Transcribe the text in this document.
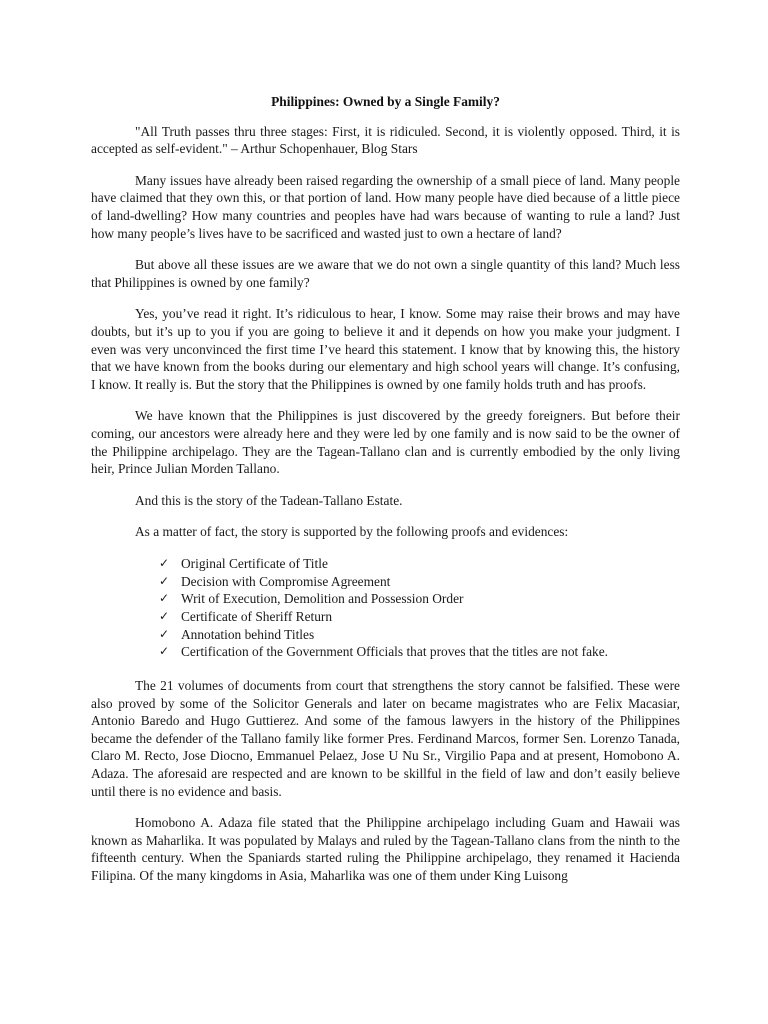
Philippines: Owned by a Single Family?

"All Truth passes thru three stages: First, it is ridiculed. Second, it is violently opposed. Third, it is accepted as self-evident." – Arthur Schopenhauer, Blog Stars

Many issues have already been raised regarding the ownership of a small piece of land. Many people have claimed that they own this, or that portion of land. How many people have died because of a little piece of land-dwelling? How many countries and peoples have had wars because of wanting to rule a land? Just how many people’s lives have to be sacrificed and wasted just to own a hectare of land?

But above all these issues are we aware that we do not own a single quantity of this land? Much less that Philippines is owned by one family?

Yes, you’ve read it right. It’s ridiculous to hear, I know. Some may raise their brows and may have doubts, but it’s up to you if you are going to believe it and it depends on how you make your judgment. I even was very unconvinced the first time I’ve heard this statement. I know that by knowing this, the history that we have known from the books during our elementary and high school years will change. It’s confusing, I know. It really is. But the story that the Philippines is owned by one family holds truth and has proofs.

We have known that the Philippines is just discovered by the greedy foreigners. But before their coming, our ancestors were already here and they were led by one family and is now said to be the owner of the Philippine archipelago. They are the Tagean-Tallano clan and is currently embodied by the only living heir, Prince Julian Morden Tallano.

And this is the story of the Tadean-Tallano Estate.

As a matter of fact, the story is supported by the following proofs and evidences:

✓ Original Certificate of Title
✓ Decision with Compromise Agreement
✓ Writ of Execution, Demolition and Possession Order
✓ Certificate of Sheriff Return
✓ Annotation behind Titles
✓ Certification of the Government Officials that proves that the titles are not fake.

The 21 volumes of documents from court that strengthens the story cannot be falsified. These were also proved by some of the Solicitor Generals and later on became magistrates who are Felix Macasiar, Antonio Baredo and Hugo Guttierez. And some of the famous lawyers in the history of the Philippines became the defender of the Tallano family like former Pres. Ferdinand Marcos, former Sen. Lorenzo Tanada, Claro M. Recto, Jose Diocno, Emmanuel Pelaez, Jose U Nu Sr., Virgilio Papa and at present, Homobono A. Adaza. The aforesaid are respected and are known to be skillful in the field of law and don’t easily believe until there is no evidence and basis.

Homobono A. Adaza file stated that the Philippine archipelago including Guam and Hawaii was known as Maharlika. It was populated by Malays and ruled by the Tagean-Tallano clans from the ninth to the fifteenth century. When the Spaniards started ruling the Philippine archipelago, they renamed it Hacienda Filipina. Of the many kingdoms in Asia, Maharlika was one of them under King Luisong
